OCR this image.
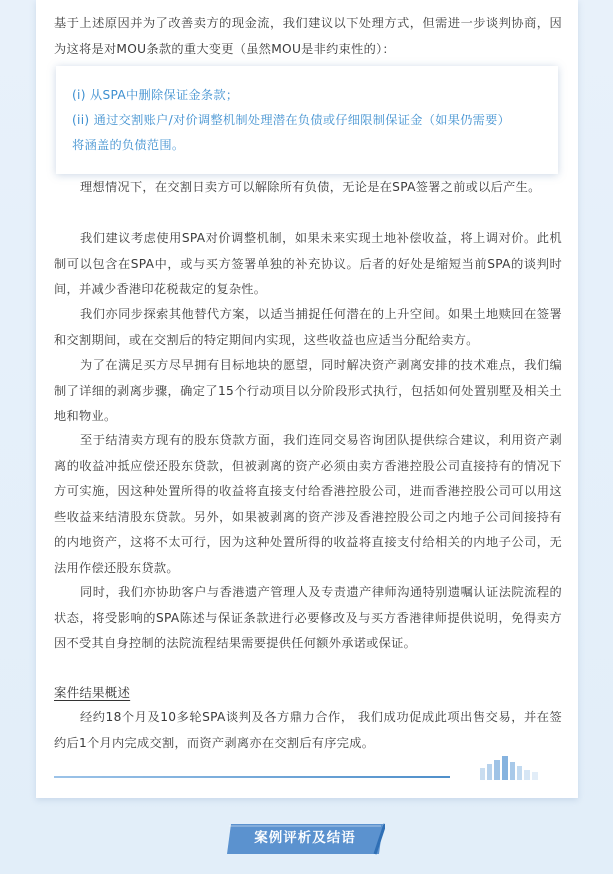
基于上述原因并为了改善卖方的现金流，我们建议以下处理方式，但需进一步谈判协商，因为这将是对MOU条款的重大变更（虽然MOU是非约束性的）：

(i) 从SPA中删除保证金条款；
(ii) 通过交割账户/对价调整机制处理潜在负债或仔细限制保证金（如果仍需要）
将涵盖的负债范围。

理想情况下，在交割日卖方可以解除所有负债，无论是在SPA签署之前或以后产生。

我们建议考虑使用SPA对价调整机制，如果未来实现土地补偿收益，将上调对价。此机制可以包含在SPA中，或与买方签署单独的补充协议。后者的好处是缩短当前SPA的谈判时间，并减少香港印花税裁定的复杂性。

我们亦同步探索其他替代方案，以适当捕捉任何潜在的上升空间。如果土地赎回在签署和交割期间，或在交割后的特定期间内实现，这些收益也应适当分配给卖方。

为了在满足买方尽早拥有目标地块的愿望，同时解决资产剥离安排的技术难点，我们编制了详细的剥离步骤，确定了15个行动项目以分阶段形式执行，包括如何处置别墅及相关土地和物业。

至于结清卖方现有的股东贷款方面，我们连同交易咨询团队提供综合建议，利用资产剥离的收益冲抵应偿还股东贷款，但被剥离的资产必须由卖方香港控股公司直接持有的情况下方可实施，因这种处置所得的收益将直接支付给香港控股公司，进而香港控股公司可以用这些收益来结清股东贷款。另外，如果被剥离的资产涉及香港控股公司之内地子公司间接持有的内地资产，这将不太可行，因为这种处置所得的收益将直接支付给相关的内地子公司，无法用作偿还股东贷款。

同时，我们亦协助客户与香港遗产管理人及专责遗产律师沟通特别遗嘱认证法院流程的状态，将受影响的SPA陈述与保证条款进行必要修改及与买方香港律师提供说明，免得卖方因不受其自身控制的法院流程结果需要提供任何额外承诺或保证。

案件结果概述

经约18个月及10多轮SPA谈判及各方鼎力合作， 我们成功促成此项出售交易，并在签约后1个月内完成交割，而资产剥离亦在交割后有序完成。

案例评析及结语
